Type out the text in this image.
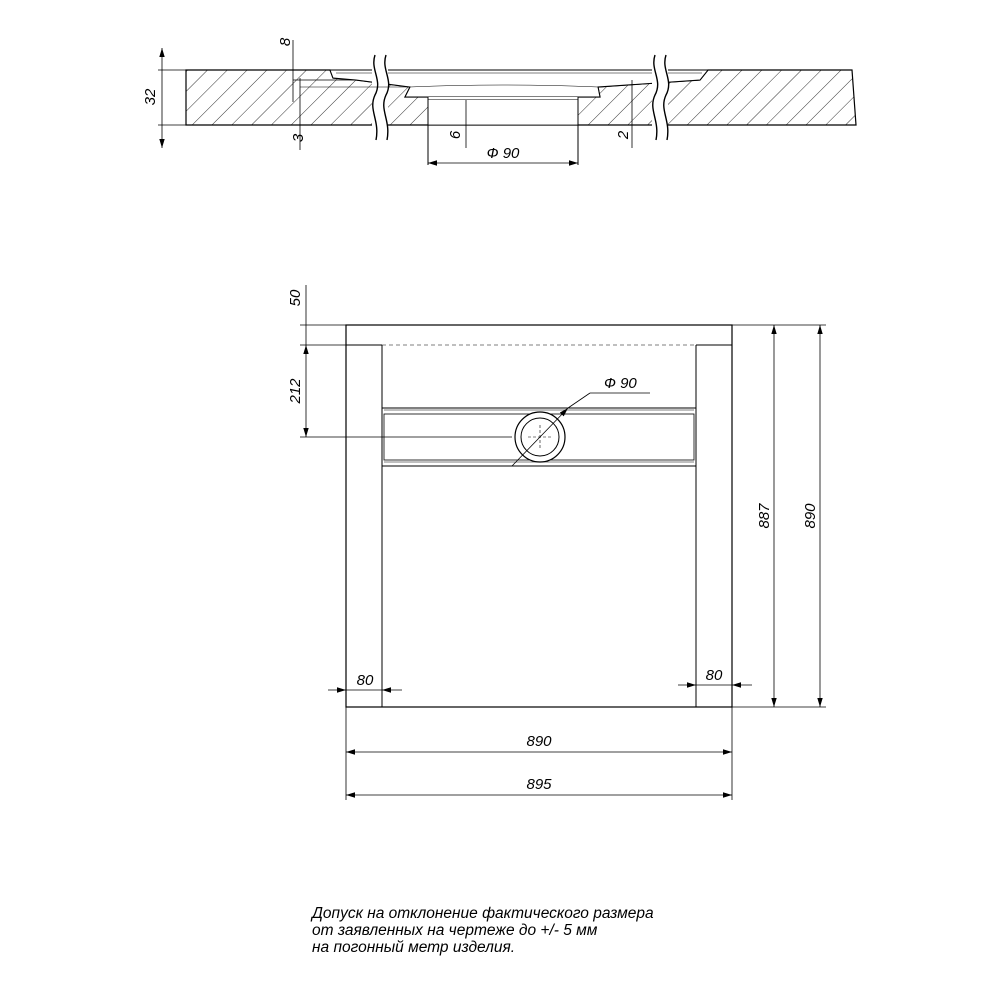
32
8
3	6	2
Ф 90
Ф 90
50
212
887 890
80	80
890
895
Допуск на отклонение фактического размера
от заявленных на чертеже до +/- 5 мм
на погонный метр изделия.
